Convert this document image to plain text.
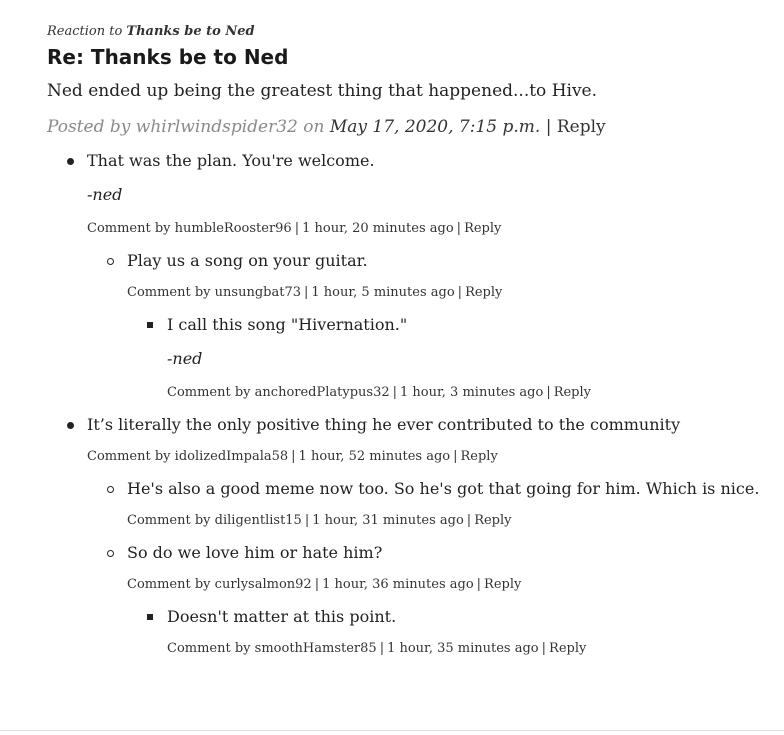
Reaction to Thanks be to Ned
Re: Thanks be to Ned

Ned ended up being the greatest thing that happened...to Hive.

Posted by whirlwindspider32 on May 17, 2020, 7:15 p.m. | Reply

That was the plan. You're welcome.

-ned

Comment by humbleRooster96 | 1 hour, 20 minutes ago | Reply

Play us a song on your guitar.

Comment by unsungbat73 | 1 hour, 5 minutes ago | Reply

I call this song "Hivernation."

-ned

Comment by anchoredPlatypus32 | 1 hour, 3 minutes ago | Reply

It’s literally the only positive thing he ever contributed to the community

Comment by idolizedImpala58 | 1 hour, 52 minutes ago | Reply

He's also a good meme now too. So he's got that going for him. Which is nice.

Comment by diligentlist15 | 1 hour, 31 minutes ago | Reply

So do we love him or hate him?

Comment by curlysalmon92 | 1 hour, 36 minutes ago | Reply

Doesn't matter at this point.

Comment by smoothHamster85 | 1 hour, 35 minutes ago | Reply
